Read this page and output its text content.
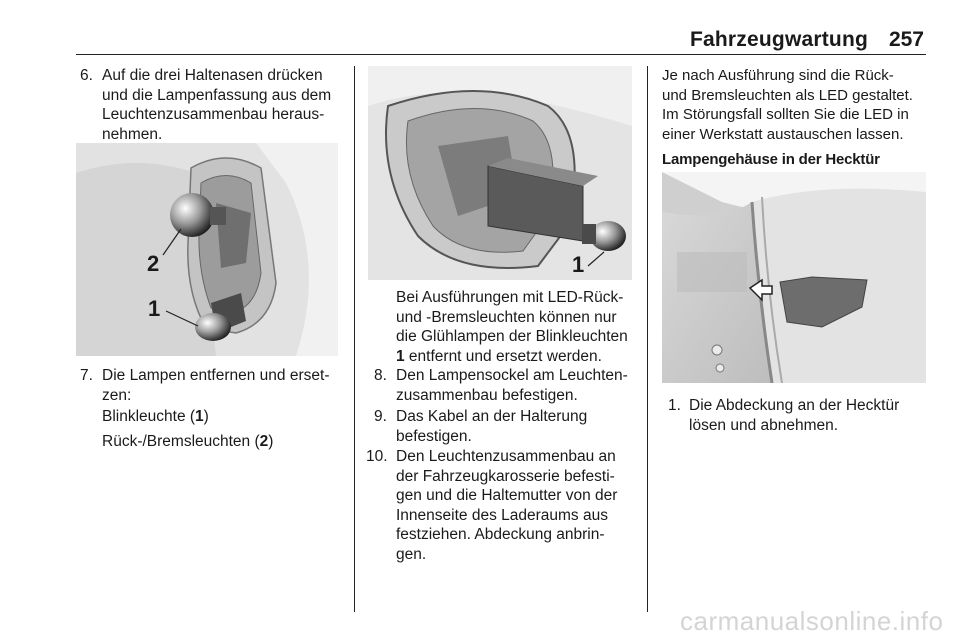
Fahrzeugwartung 257
6. Auf die drei Haltenasen drücken
und die Lampenfassung aus dem
Leuchtenzusammenbau heraus-
nehmen.
2
1
7. Die Lampen entfernen und erset-
zen:
Blinkleuchte (1)
Rück-/Bremsleuchten (2)
1
Bei Ausführungen mit LED-Rück-
und -Bremsleuchten können nur
die Glühlampen der Blinkleuchten
1 entfernt und ersetzt werden.
8. Den Lampensockel am Leuchten-
zusammenbau befestigen.
9. Das Kabel an der Halterung
befestigen.
10. Den Leuchtenzusammenbau an
der Fahrzeugkarosserie befesti-
gen und die Haltemutter von der
Innenseite des Laderaums aus
festziehen. Abdeckung anbrin-
gen.
Je nach Ausführung sind die Rück-
und Bremsleuchten als LED gestaltet.
Im Störungsfall sollten Sie die LED in
einer Werkstatt austauschen lassen.
Lampengehäuse in der Hecktür
1. Die Abdeckung an der Hecktür
lösen und abnehmen.
carmanualsonline.info
